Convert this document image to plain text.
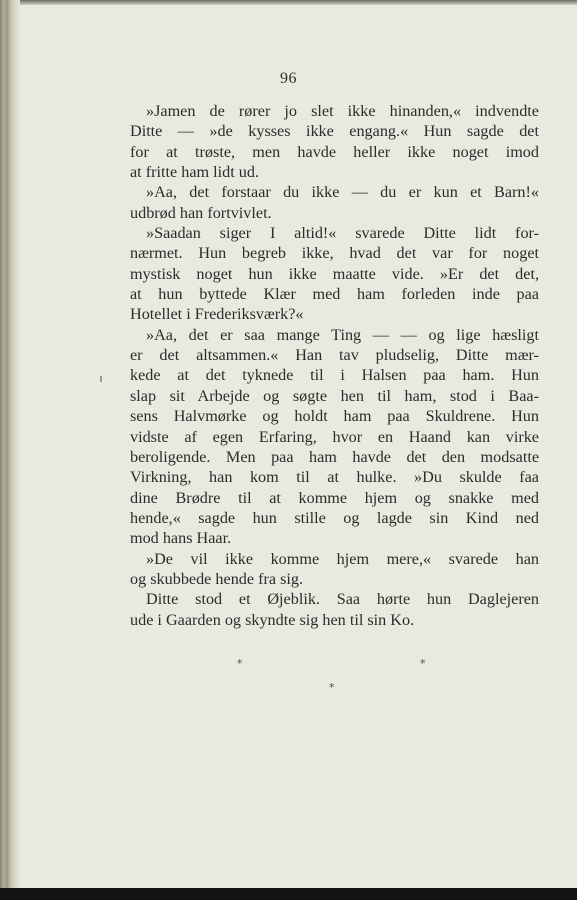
96
»Jamen de rører jo slet ikke hinanden,« indvendte
Ditte — »de kysses ikke engang.« Hun sagde det
for at trøste, men havde heller ikke noget imod
at fritte ham lidt ud.
»Aa, det forstaar du ikke — du er kun et Barn!«
udbrød han fortvivlet.
»Saadan siger I altid!« svarede Ditte lidt for-
nærmet. Hun begreb ikke, hvad det var for noget
mystisk noget hun ikke maatte vide. »Er det det,
at hun byttede Klær med ham forleden inde paa
Hotellet i Frederiksværk?«
»Aa, det er saa mange Ting — — og lige hæsligt
er det altsammen.« Han tav pludselig, Ditte mær-
kede at det tyknede til i Halsen paa ham. Hun
slap sit Arbejde og søgte hen til ham, stod i Baa-
sens Halvmørke og holdt ham paa Skuldrene. Hun
vidste af egen Erfaring, hvor en Haand kan virke
beroligende. Men paa ham havde det den modsatte
Virkning, han kom til at hulke. »Du skulde faa
dine Brødre til at komme hjem og snakke med
hende,« sagde hun stille og lagde sin Kind ned
mod hans Haar.
»De vil ikke komme hjem mere,« svarede han
og skubbede hende fra sig.
Ditte stod et Øjeblik. Saa hørte hun Daglejeren
ude i Gaarden og skyndte sig hen til sin Ko.
*	*
*
